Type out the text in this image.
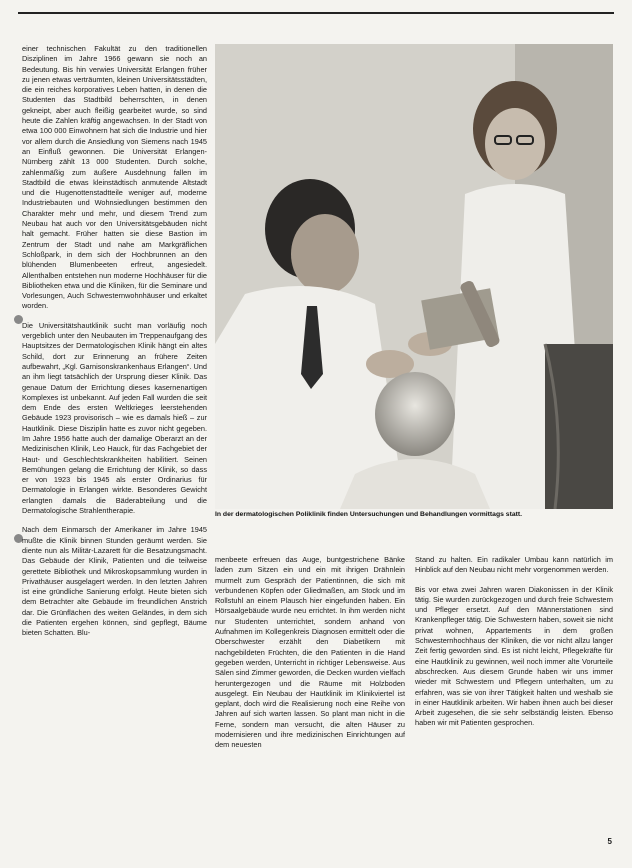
einer technischen Fakultät zu den traditionellen Disziplinen im Jahre 1966 gewann sie noch an Bedeutung. Bis hin verwies Universität Erlangen früher zu jenen etwas verträumten, kleinen Universitätsstädten, die ein reiches korporatives Leben hatten, in denen die Studenten das Stadtbild beherrschten, in denen gekneipt, aber auch fleißig gearbeitet wurde, so sind heute die Zahlen kräftig angewachsen. In der Stadt von etwa 100 000 Einwohnern hat sich die Industrie und hier vor allem durch die Ansiedlung von Siemens nach 1945 an Einfluß gewonnen. Die Universität Erlangen-Nürnberg zählt 13 000 Studenten. Durch solche, zahlenmäßig zum äußere Ausdehnung fallen im Stadtbild die etwas kleinstädtisch anmutende Altstadt und die Hugenottenstadtteile weniger auf, moderne Industriebauten und Wohnsiedlungen bestimmen den Charakter mehr und mehr, und diesem Trend zum Neubau hat auch vor den Universitätsgebäuden nicht halt gemacht. Früher hatten sie diese Bastion im Zentrum der Stadt und nahe am Markgräflichen Schloßpark, in dem sich der Hochbrunnen an den blühenden Blumenbeeten erfreut, angesiedelt. Allenthalben entstehen nun moderne Hochhäuser für die Bibliotheken etwa und die Kliniken, für die Seminare und Vorlesungen, Auch Schwesternwohnhäuser und erkaltet worden.

Die Universitätshautklinik sucht man vorläufig noch vergeblich unter den Neubauten im Treppenaufgang des Hauptsitzes der Dermatologischen Klinik hängt ein altes Schild, dort zur Erinnerung an frühere Zeiten aufbewahrt, „Kgl. Garnisonskrankenhaus Erlangen“. Und an ihm liegt tatsächlich der Ursprung dieser Klinik. Das genaue Datum der Errichtung dieses kasernenartigen Komplexes ist unbekannt. Auf jeden Fall wurden die seit dem Ende des ersten Weltkrieges leerstehenden Gebäude 1923 provisorisch – wie es damals hieß – zur Hautklinik. Diese Disziplin hatte es zuvor nicht gegeben. Im Jahre 1956 hatte auch der damalige Oberarzt an der Medizinischen Klinik, Leo Hauck, für das Fachgebiet der Haut- und Geschlechtskrankheiten habilitiert. Seinen Bemühungen gelang die Errichtung der Klinik, so dass er von 1923 bis 1945 als erster Ordinarius für Dermatologie in Erlangen wirkte. Besonderes Gewicht erlangten damals die Bäderabteilung und die Dermatologische Strahlentherapie.

Nach dem Einmarsch der Amerikaner im Jahre 1945 mußte die Klinik binnen Stunden geräumt werden. Sie diente nun als Militär-Lazarett für die Besatzungsmacht. Das Gebäude der Klinik, Patienten und die teilweise gerettete Bibliothek und Mikroskopsammlung wurden in Privathäuser ausgelagert werden. In den letzten Jahren ist eine gründliche Sanierung erfolgt. Heute bieten sich dem Betrachter alte Gebäude im freundlichen Anstrich dar. Die Grünflächen des weiten Geländes, in dem sich die Patienten ergehen können, sind gepflegt, Bäume bieten Schatten. Blu-

In der dermatologischen Poliklinik finden Untersuchungen und Behandlungen vormittags statt.

menbeete erfreuen das Auge, buntgestrichene Bänke laden zum Sitzen ein und ein mit ihrigen Drähnlein murmelt zum Gespräch der Patientinnen, die sich mit verbundenen Köpfen oder Gliedmaßen, am Stock und im Rollstuhl an einem Plausch hier eingefunden haben. Ein Hörsaalgebäude wurde neu errichtet. In ihm werden nicht nur Studenten unterrichtet, sondern anhand von Aufnahmen im Kollegenkreis Diagnosen ermittelt oder die Oberschwester erzählt den Diabetikern mit nachgebildeten Früchten, die den Patienten in die Hand gegeben werden, Unterricht in richtiger Lebensweise. Aus Sälen sind Zimmer geworden, die Decken wurden vielfach heruntergezogen und die Räume mit Holzboden ausgelegt. Ein Neubau der Hautklinik im Klinikviertel ist geplant, doch wird die Realisierung noch eine Reihe von Jahren auf sich warten lassen. So plant man nicht in die Ferne, sondern man versucht, die alten Häuser zu modernisieren und ihre medizinischen Einrichtungen auf dem neuesten

Stand zu halten. Ein radikaler Umbau kann natürlich im Hinblick auf den Neubau nicht mehr vorgenommen werden.

Bis vor etwa zwei Jahren waren Diakonissen in der Klinik tätig. Sie wurden zurückgezogen und durch freie Schwestern und Pfleger ersetzt. Auf den Männerstationen sind Krankenpfleger tätig. Die Schwestern haben, soweit sie nicht privat wohnen, Appartements in dem großen Schwesternhochhaus der Kliniken, die vor nicht allzu langer Zeit fertig geworden sind. Es ist nicht leicht, Pflegekräfte für eine Hautklinik zu gewinnen, weil noch immer alte Vorurteile abschrecken. Aus diesem Grunde haben wir uns immer wieder mit Schwestern und Pflegern unterhalten, um zu erfahren, was sie von ihrer Tätigkeit halten und weshalb sie in einer Hautklinik arbeiten. Wir haben ihnen auch bei dieser Arbeit zugesehen, die sie sehr selbständig leisten. Ebenso haben wir mit Patienten gesprochen.

5
